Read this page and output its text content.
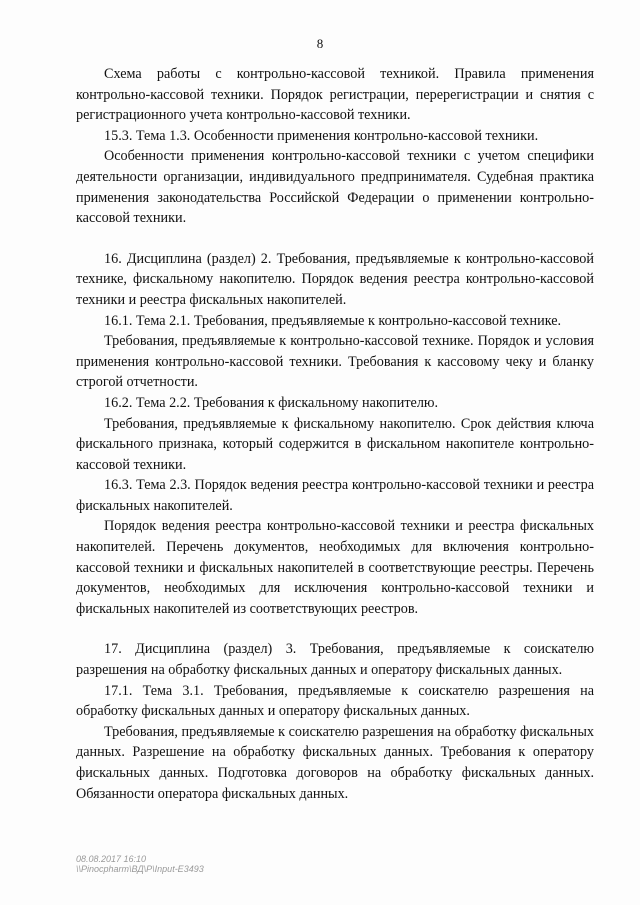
8

Схема работы с контрольно-кассовой техникой. Правила применения контрольно-кассовой техники. Порядок регистрации, перерегистрации и снятия с регистрационного учета контрольно-кассовой техники.

15.3. Тема 1.3. Особенности применения контрольно-кассовой техники.

Особенности применения контрольно-кассовой техники с учетом специфики деятельности организации, индивидуального предпринимателя. Судебная практика применения законодательства Российской Федерации о применении контрольно-кассовой техники.

16. Дисциплина (раздел) 2. Требования, предъявляемые к контрольно-кассовой технике, фискальному накопителю. Порядок ведения реестра контрольно-кассовой техники и реестра фискальных накопителей.

16.1. Тема 2.1. Требования, предъявляемые к контрольно-кассовой технике.

Требования, предъявляемые к контрольно-кассовой технике. Порядок и условия применения контрольно-кассовой техники. Требования к кассовому чеку и бланку строгой отчетности.

16.2. Тема 2.2. Требования к фискальному накопителю.

Требования, предъявляемые к фискальному накопителю. Срок действия ключа фискального признака, который содержится в фискальном накопителе контрольно-кассовой техники.

16.3. Тема 2.3. Порядок ведения реестра контрольно-кассовой техники и реестра фискальных накопителей.

Порядок ведения реестра контрольно-кассовой техники и реестра фискальных накопителей. Перечень документов, необходимых для включения контрольно-кассовой техники и фискальных накопителей в соответствующие реестры. Перечень документов, необходимых для исключения контрольно-кассовой техники и фискальных накопителей из соответствующих реестров.

17. Дисциплина (раздел) 3. Требования, предъявляемые к соискателю разрешения на обработку фискальных данных и оператору фискальных данных.

17.1. Тема 3.1. Требования, предъявляемые к соискателю разрешения на обработку фискальных данных и оператору фискальных данных.

Требования, предъявляемые к соискателю разрешения на обработку фискальных данных. Разрешение на обработку фискальных данных. Требования к оператору фискальных данных. Подготовка договоров на обработку фискальных данных. Обязанности оператора фискальных данных.

08.08.2017 16:10
\\Pinocpharm\ВД\Р\Input-E3493
